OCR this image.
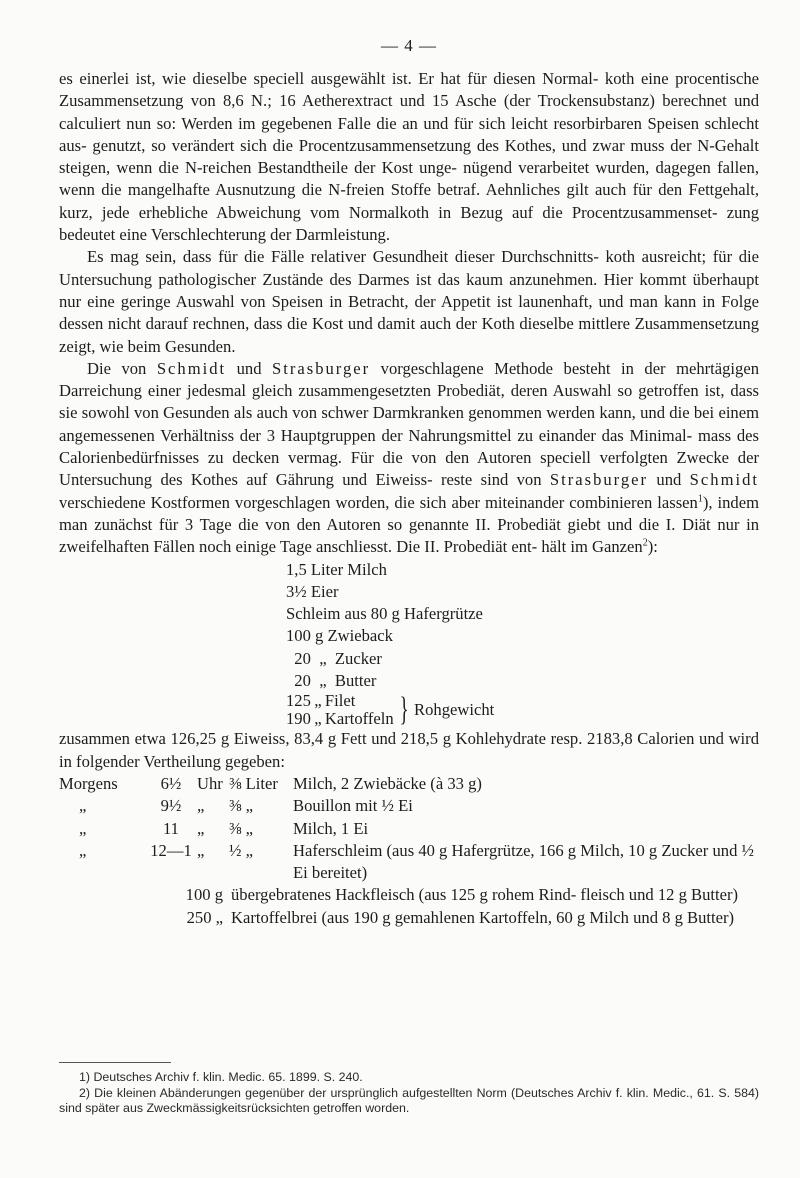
— 4 —

es einerlei ist, wie dieselbe speciell ausgewählt ist. Er hat für diesen Normal- koth eine procentische Zusammensetzung von 8,6 N.; 16 Aetherextract und 15 Asche (der Trockensubstanz) berechnet und calculiert nun so: Werden im gegebenen Falle die an und für sich leicht resorbirbaren Speisen schlecht aus- genutzt, so verändert sich die Procentzusammensetzung des Kothes, und zwar muss der N-Gehalt steigen, wenn die N-reichen Bestandtheile der Kost unge- nügend verarbeitet wurden, dagegen fallen, wenn die mangelhafte Ausnutzung die N-freien Stoffe betraf. Aehnliches gilt auch für den Fettgehalt, kurz, jede erhebliche Abweichung vom Normalkoth in Bezug auf die Procentzusammenset- zung bedeutet eine Verschlechterung der Darmleistung.

Es mag sein, dass für die Fälle relativer Gesundheit dieser Durchschnitts- koth ausreicht; für die Untersuchung pathologischer Zustände des Darmes ist das kaum anzunehmen. Hier kommt überhaupt nur eine geringe Auswahl von Speisen in Betracht, der Appetit ist launenhaft, und man kann in Folge dessen nicht darauf rechnen, dass die Kost und damit auch der Koth dieselbe mittlere Zusammensetzung zeigt, wie beim Gesunden.

Die von Schmidt und Strasburger vorgeschlagene Methode besteht in der mehrtägigen Darreichung einer jedesmal gleich zusammengesetzten Probediät, deren Auswahl so getroffen ist, dass sie sowohl von Gesunden als auch von schwer Darmkranken genommen werden kann, und die bei einem angemessenen Verhältniss der 3 Hauptgruppen der Nahrungsmittel zu einander das Minimal- mass des Calorienbedürfnisses zu decken vermag. Für die von den Autoren speciell verfolgten Zwecke der Untersuchung des Kothes auf Gährung und Eiweiss- reste sind von Strasburger und Schmidt verschiedene Kostformen vorgeschlagen worden, die sich aber miteinander combinieren lassen$^1$), indem man zunächst für 3 Tage die von den Autoren so genannte II. Probediät giebt und die I. Diät nur in zweifelhaften Fällen noch einige Tage anschliesst. Die II. Probediät ent- hält im Ganzen$^2$):

1,5 Liter Milch
3½ Eier
Schleim aus 80 g Hafergrütze
100 g Zwieback
20 „ Zucker
20 „ Butter
125 „ Filet
190 „ Kartoffeln } Rohgewicht

zusammen etwa 126,25 g Eiweiss, 83,4 g Fett und 218,5 g Kohlehydrate resp. 2183,8 Calorien und wird in folgender Vertheilung gegeben:

Morgens	6½ Uhr ⅜ Liter Milch, 2 Zwiebäcke (à 33 g)
„	9½ „	⅜ „	Bouillon mit ½ Ei
„	11	„	⅜ „	Milch, 1 Ei
„	12—1 „	½ „	Haferschleim (aus 40 g Hafergrütze, 166 g Milch, 10 g Zucker und ½ Ei bereitet)
100 g übergebratenes Hackfleisch (aus 125 g rohem Rind- fleisch und 12 g Butter)
250 „ Kartoffelbrei (aus 190 g gemahlenen Kartoffeln, 60 g Milch und 8 g Butter)

1) Deutsches Archiv f. klin. Medic. 65. 1899. S. 240.

2) Die kleinen Abänderungen gegenüber der ursprünglich aufgestellten Norm (Deutsches Archiv f. klin. Medic., 61. S. 584) sind später aus Zweckmässigkeitsrücksichten getroffen worden.
